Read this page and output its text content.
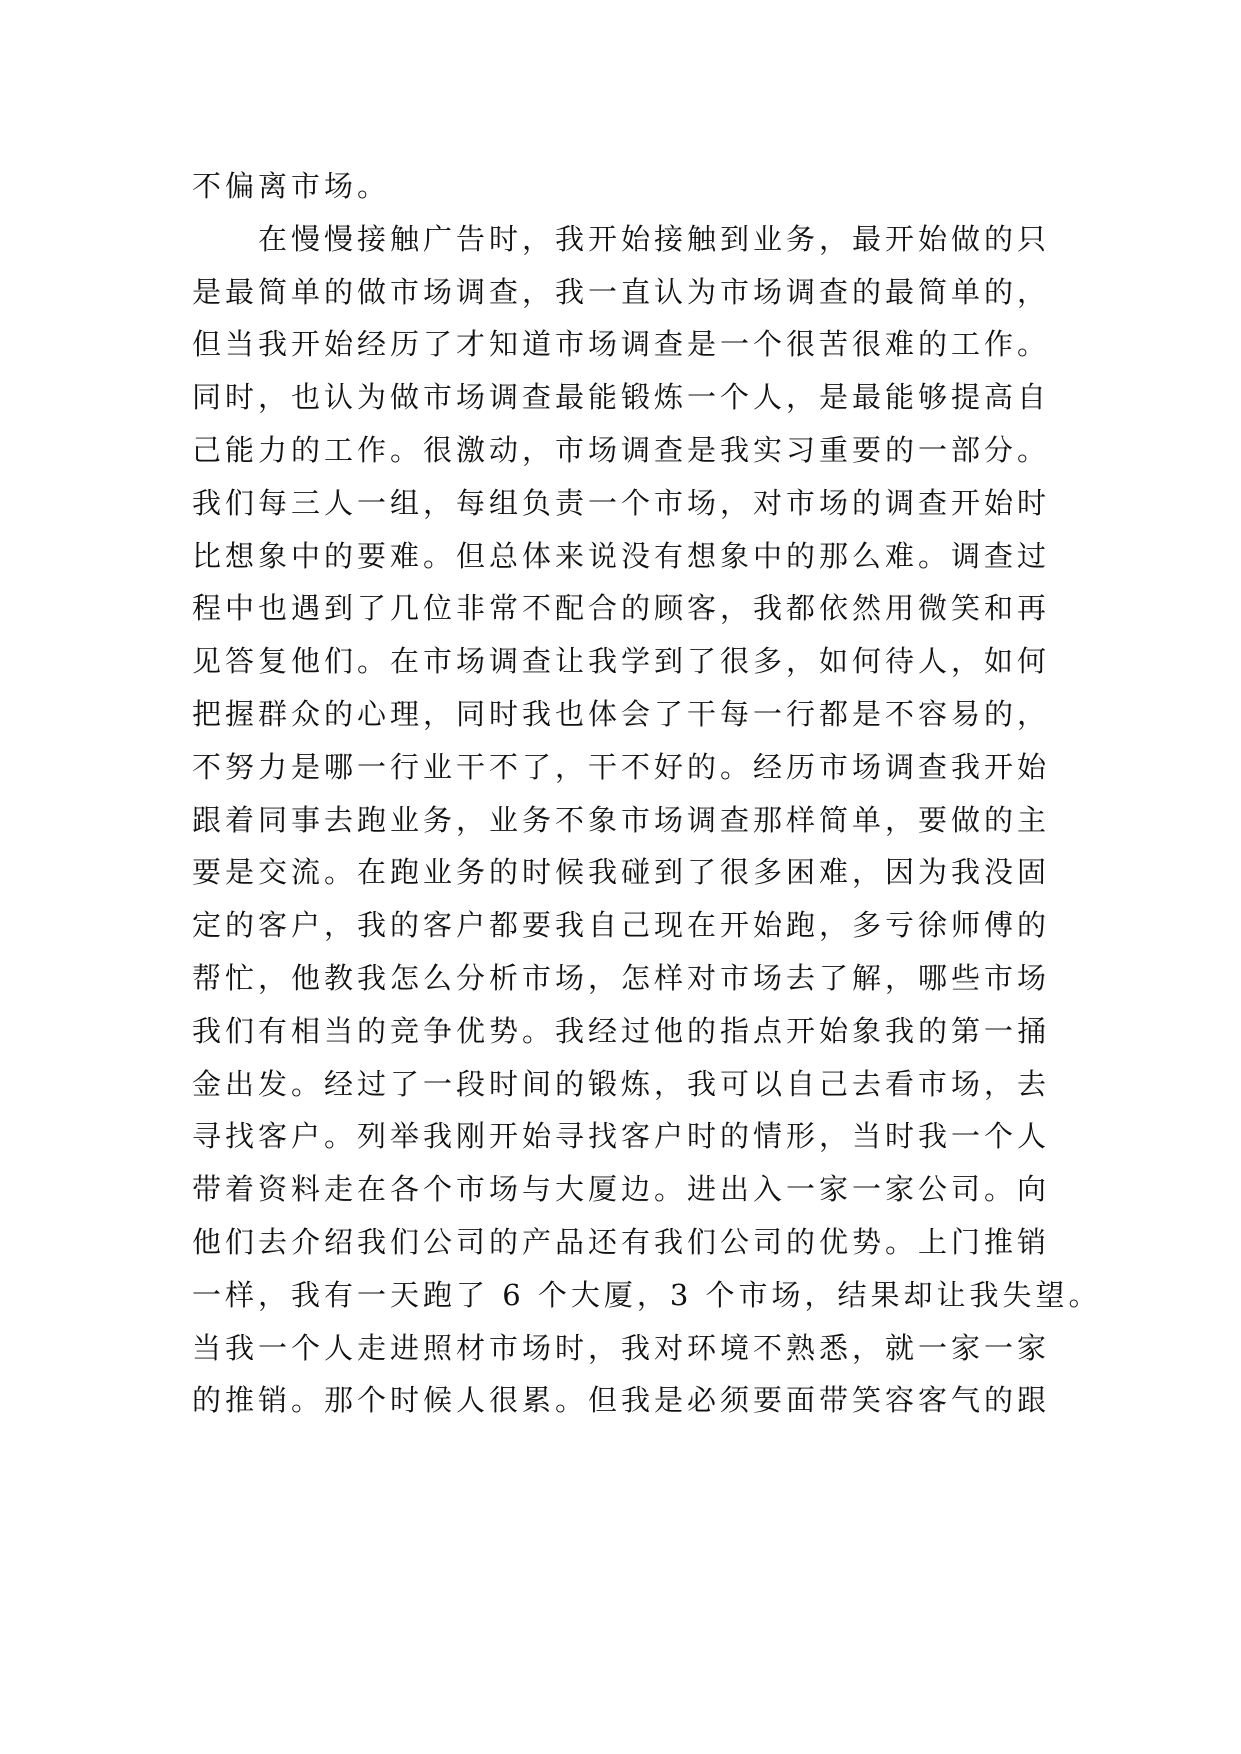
不偏离市场。

　　在慢慢接触广告时，我开始接触到业务，最开始做的只

是最简单的做市场调查，我一直认为市场调查的最简单的，

但当我开始经历了才知道市场调查是一个很苦很难的工作。

同时，也认为做市场调查最能锻炼一个人，是最能够提高自

己能力的工作。很激动，市场调查是我实习重要的一部分。

我们每三人一组，每组负责一个市场，对市场的调查开始时

比想象中的要难。但总体来说没有想象中的那么难。调查过

程中也遇到了几位非常不配合的顾客，我都依然用微笑和再

见答复他们。在市场调查让我学到了很多，如何待人，如何

把握群众的心理，同时我也体会了干每一行都是不容易的，

不努力是哪一行业干不了，干不好的。经历市场调查我开始

跟着同事去跑业务，业务不象市场调查那样简单，要做的主

要是交流。在跑业务的时候我碰到了很多困难，因为我没固

定的客户，我的客户都要我自己现在开始跑，多亏徐师傅的

帮忙，他教我怎么分析市场，怎样对市场去了解，哪些市场

我们有相当的竞争优势。我经过他的指点开始象我的第一捅

金出发。经过了一段时间的锻炼，我可以自己去看市场，去

寻找客户。列举我刚开始寻找客户时的情形，当时我一个人

带着资料走在各个市场与大厦边。进出入一家一家公司。向

他们去介绍我们公司的产品还有我们公司的优势。上门推销

一样，我有一天跑了 6 个大厦，3 个市场，结果却让我失望。

当我一个人走进照材市场时，我对环境不熟悉，就一家一家

的推销。那个时候人很累。但我是必须要面带笑容客气的跟
